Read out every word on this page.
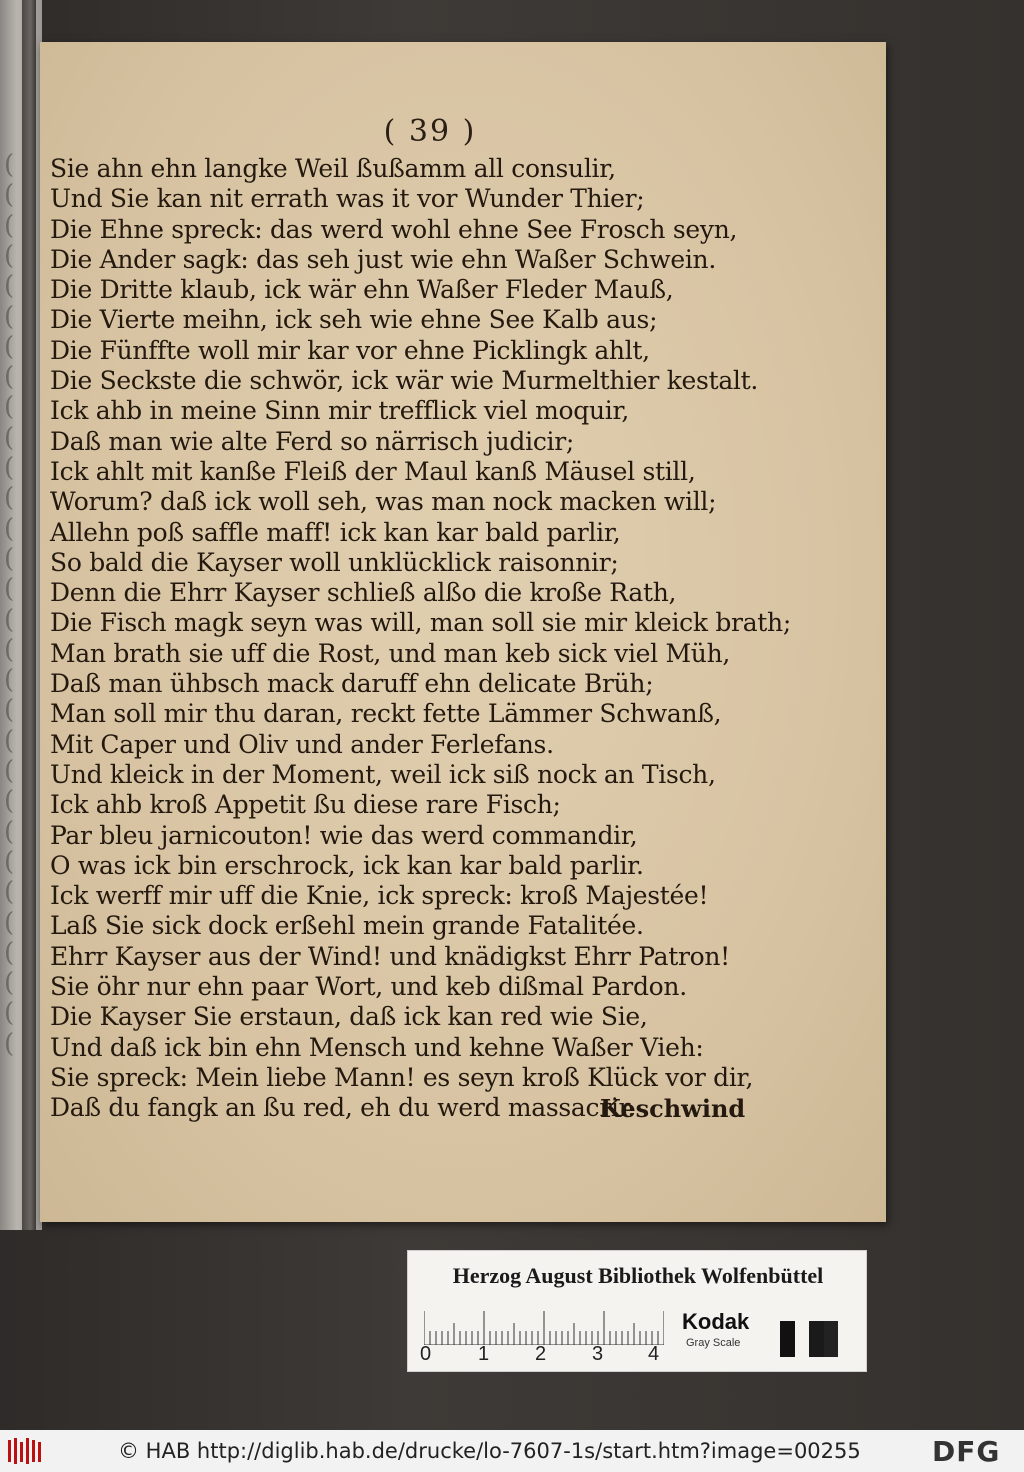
( 39 )
Sie ahn ehn langke Weil ßußamm all consulir,
Und Sie kan nit errath was it vor Wunder Thier;
Die Ehne spreck: das werd wohl ehne See Frosch seyn,
Die Ander sagk: das seh just wie ehn Waßer Schwein.
Die Dritte klaub, ick wär ehn Waßer Fleder Mauß,
Die Vierte meihn, ick seh wie ehne See Kalb aus;
Die Fünffte woll mir kar vor ehne Picklingk ahlt,
Die Seckste die schwör, ick wär wie Murmelthier kestalt.
Ick ahb in meine Sinn mir trefflick viel moquir,
Daß man wie alte Ferd so närrisch judicir;
Ick ahlt mit kanße Fleiß der Maul kanß Mäusel still,
Worum? daß ick woll seh, was man nock macken will;
Allehn poß saffle maff! ick kan kar bald parlir,
So bald die Kayser woll unklücklick raisonnir;
Denn die Ehrr Kayser schließ alßo die kroße Rath,
Die Fisch magk seyn was will, man soll sie mir kleick brath;
Man brath sie uff die Rost, und man keb sick viel Müh,
Daß man ühbsch mack daruff ehn delicate Brüh;
Man soll mir thu daran, reckt fette Lämmer Schwanß,
Mit Caper und Oliv und ander Ferlefans.
Und kleick in der Moment, weil ick siß nock an Tisch,
Ick ahb kroß Appetit ßu diese rare Fisch;
Par bleu jarnicouton! wie das werd commandir,
O was ick bin erschrock, ick kan kar bald parlir.
Ick werff mir uff die Knie, ick spreck: kroß Majestée!
Laß Sie sick dock erßehl mein grande Fatalitée.
Ehrr Kayser aus der Wind! und knädigkst Ehrr Patron!
Sie öhr nur ehn paar Wort, und keb dißmal Pardon.
Die Kayser Sie erstaun, daß ick kan red wie Sie,
Und daß ick bin ehn Mensch und kehne Waßer Vieh:
Sie spreck: Mein liebe Mann! es seyn kroß Klück vor dir,
Daß du fangk an ßu red, eh du werd massacrir.
Keschwind
Herzog August Bibliothek Wolfenbüttel
0 1 2 3 4
Kodak
Gray Scale
© HAB http://diglib.hab.de/drucke/lo-7607-1s/start.htm?image=00255	DFG
(
(
(
(
(
(
(
(
(
(
(
(
(
(
(
(
(
(
(
(
(
(
(
(
(
(
(
(
(
(
